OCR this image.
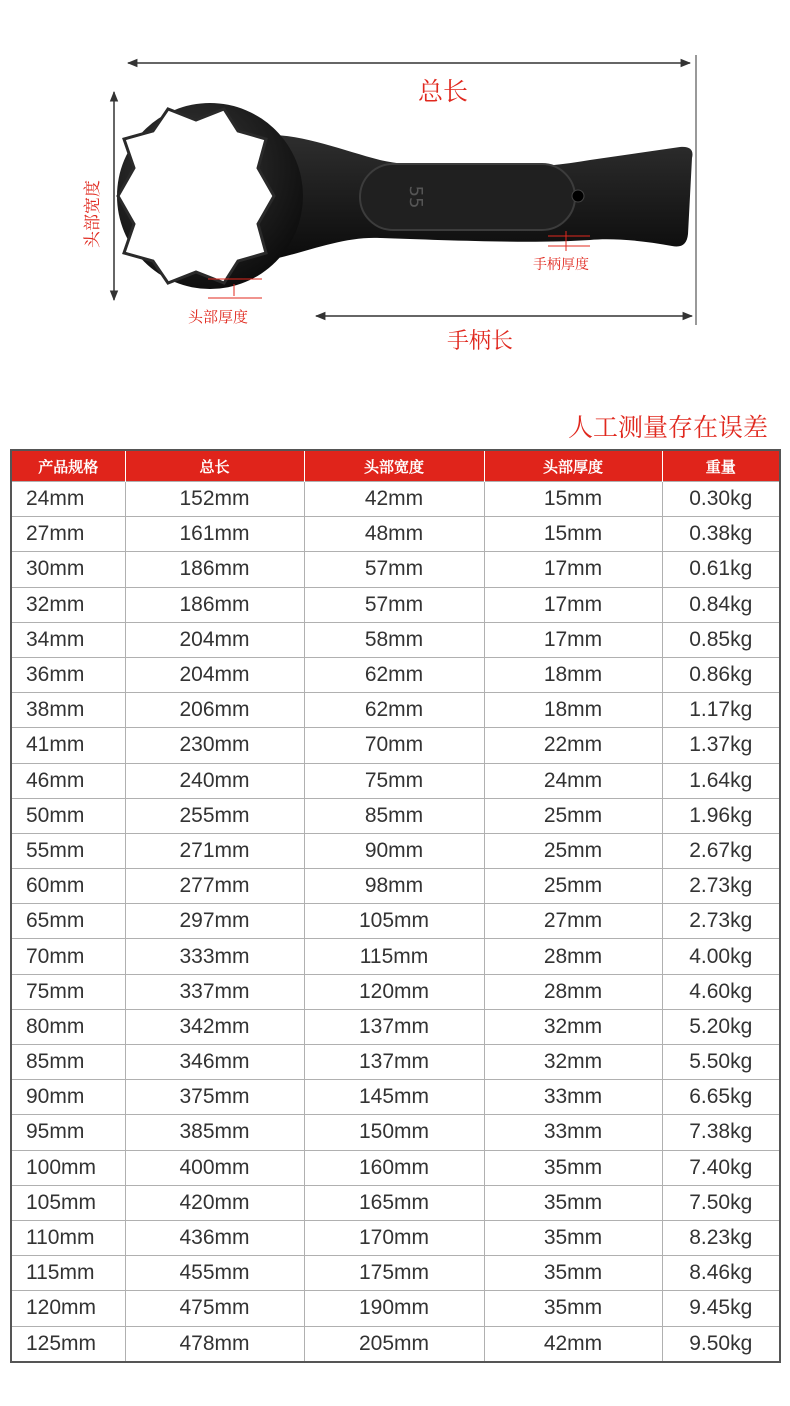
55
总长
头部宽度
头部厚度
手柄厚度
手柄长
人工测量存在误差
产品规格	总长	头部宽度	头部厚度	重量
24mm	152mm	42mm	15mm	0.30kg
27mm	161mm	48mm	15mm	0.38kg
30mm	186mm	57mm	17mm	0.61kg
32mm	186mm	57mm	17mm	0.84kg
34mm	204mm	58mm	17mm	0.85kg
36mm	204mm	62mm	18mm	0.86kg
38mm	206mm	62mm	18mm	1.17kg
41mm	230mm	70mm	22mm	1.37kg
46mm	240mm	75mm	24mm	1.64kg
50mm	255mm	85mm	25mm	1.96kg
55mm	271mm	90mm	25mm	2.67kg
60mm	277mm	98mm	25mm	2.73kg
65mm	297mm	105mm	27mm	2.73kg
70mm	333mm	115mm	28mm	4.00kg
75mm	337mm	120mm	28mm	4.60kg
80mm	342mm	137mm	32mm	5.20kg
85mm	346mm	137mm	32mm	5.50kg
90mm	375mm	145mm	33mm	6.65kg
95mm	385mm	150mm	33mm	7.38kg
100mm	400mm	160mm	35mm	7.40kg
105mm	420mm	165mm	35mm	7.50kg
110mm	436mm	170mm	35mm	8.23kg
115mm	455mm	175mm	35mm	8.46kg
120mm	475mm	190mm	35mm	9.45kg
125mm	478mm	205mm	42mm	9.50kg
